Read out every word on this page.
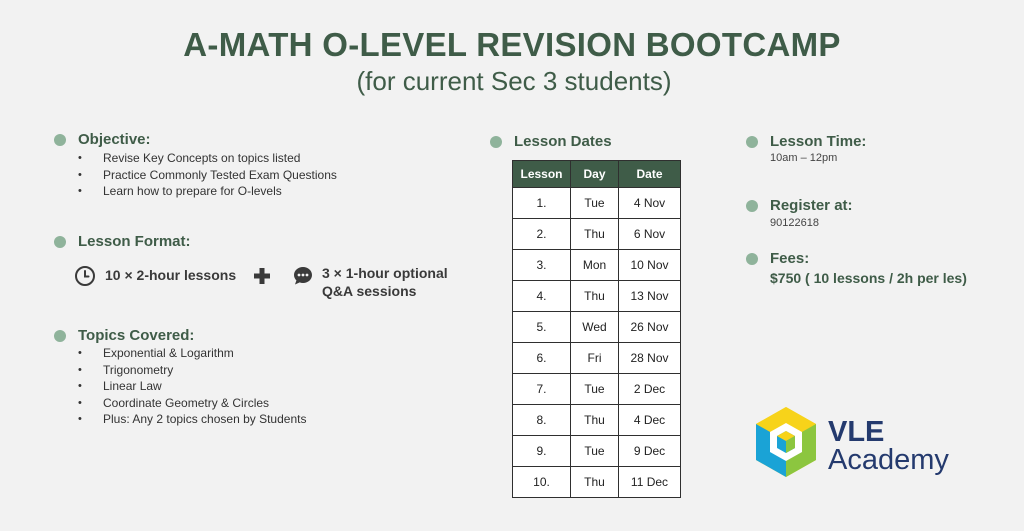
A-MATH O-LEVEL REVISION BOOTCAMP
(for current Sec 3 students)
Objective:
• Revise Key Concepts on topics listed
• Practice Commonly Tested Exam Questions
• Learn how to prepare for O-levels
Lesson Format:
10 × 2-hour lessons	3 × 1-hour optional
Q&A sessions
Topics Covered:
• Exponential & Logarithm
• Trigonometry
• Linear Law
• Coordinate Geometry & Circles
• Plus: Any 2 topics chosen by Students
Lesson Dates
Lesson	Day	Date
1.	Tue	4 Nov
2.	Thu	6 Nov
3.	Mon	10 Nov
4.	Thu	13 Nov
5.	Wed	26 Nov
6.	Fri	28 Nov
7.	Tue	2 Dec
8.	Thu	4 Dec
9.	Tue	9 Dec
10.	Thu	11 Dec
Lesson Time:
10am – 12pm
Register at:
90122618
Fees:
$750 ( 10 lessons / 2h per les)
VLE
Academy
